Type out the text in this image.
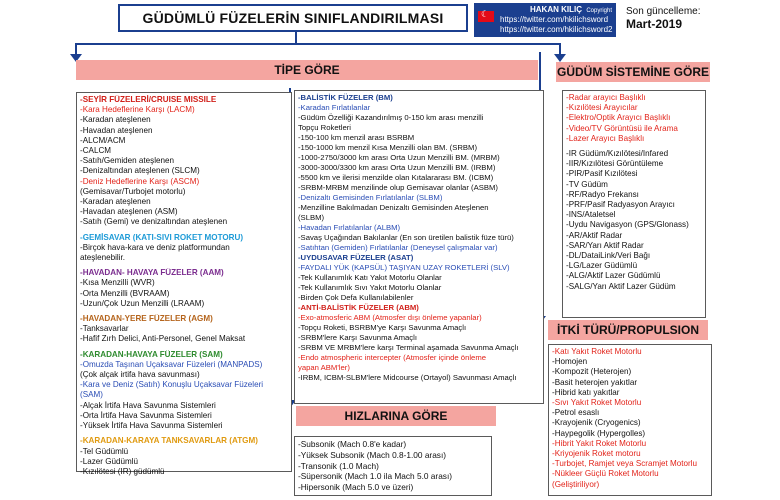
GÜDÜMLÜ FÜZELERİN SINIFLANDIRILMASI
☾
HAKAN KILIÇ Copyright
https://twitter.com/hkilichsword
https://twitter.com/hkilichsword2
Son güncelleme:
Mart-2019
TİPE GÖRE	GÜDÜM SİSTEMİNE GÖRE
-SEYİR FÜZELERİ/CRUISE MISSILE
-Kara Hedeflerine Karşı (LACM)
-Karadan ateşlenen
-Havadan ateşlenen
-ALCM/ACM
-CALCM
-Satıh/Gemiden ateşlenen
-Denizaltından ateşlenen (SLCM)
-Deniz Hedeflerine Karşı (ASCM)
(Gemisavar/Turbojet motorlu)
-Karadan ateşlenen
-Havadan ateşlenen (ASM)
-Satıh (Gemi) ve denizaltından ateşlenen
-GEMİSAVAR (KATI-SIVI ROKET MOTORU)
-Birçok hava-kara ve deniz platformundan
ateşlenebilir.
-HAVADAN- HAVAYA FÜZELER (AAM)
-Kısa Menzilli (WVR)
-Orta Menzilli (BVRAAM)
-Uzun/Çok Uzun Menzilli (LRAAM)
-HAVADAN-YERE FÜZELER (AGM)
-Tanksavarlar
-Hafif Zırh Delici, Anti-Personel, Genel Maksat
-KARADAN-HAVAYA FÜZELER (SAM)
-Omuzda Taşınan Uçaksavar Füzeleri (MANPADS)
(Çok alçak irtifa hava savunması)
-Kara ve Deniz (Satıh) Konuşlu Uçaksavar Füzeleri
(SAM)
-Alçak İrtifa Hava Savunma Sistemleri
-Orta İrtifa Hava Savunma Sistemleri
-Yüksek İrtifa Hava Savunma Sistemleri
-KARADAN-KARAYA TANKSAVARLAR (ATGM)
-Tel Güdümlü
-Lazer Güdümlü
-Kızılötesi (IR) güdümlü
-BALİSTİK FÜZELER (BM)
-Karadan Fırlatılanlar
-Güdüm Özelliği Kazandırılmış 0-150 km arası menzilli
Topçu Roketleri
-150-100 km menzil arası BSRBM
-150-1000 km menzil Kısa Menzilli olan BM. (SRBM)
-1000-2750/3000 km arası Orta Uzun Menzilli BM. (MRBM)
-3000-3000/3300 km arası Orta Uzun Menzilli BM. (IRBM)
-5500 km ve ilerisi menzilde olan Kıtalararası BM. (ICBM)
-SRBM-MRBM menzilinde olup Gemisavar olanlar (ASBM)
-Denizaltı Gemisinden Fırlatılanlar (SLBM)
-Menzilline Bakılmadan Denizaltı Gemisinden Ateşlenen
(SLBM)
-Havadan Fırlatılanlar (ALBM)
-Savaş Uçağından Bakılanlar (En son üretilen balistik füze türü)
-Satıhtan (Gemiden) Fırlatılanlar (Deneysel çalışmalar var)
-UYDUSAVAR FÜZELER (ASAT)
-FAYDALI YÜK (KAPSÜL) TAŞIYAN UZAY ROKETLERİ (SLV)
-Tek Kullanımlık Katı Yakıt Motorlu Olanlar
-Tek Kullanımlık Sıvı Yakıt Motorlu Olanlar
-Birden Çok Defa Kullanılabilenler
-ANTİ-BALİSTİK FÜZELER (ABM)
-Exo-atmosferic ABM (Atmosfer dışı önleme yapanlar)
-Topçu Roketi, BSRBM'ye Karşı Savunma Amaçlı
-SRBM'lere Karşı Savunma Amaçlı
-SRBM VE MRBM'lere karşı Terminal aşamada Savunma Amaçlı
-Endo atmospheric intercepter (Atmosfer içinde önleme
yapan ABM'ler)
-IRBM, ICBM-SLBM'lere Midcourse (Ortayol) Savunması Amaçlı
-Radar arayıcı Başlıklı
-Kızılötesi Arayıcılar
-Elektro/Optik Arayıcı Başlıklı
-Video/TV Görüntüsü ile Arama
-Lazer Arayıcı Başlıklı
-IR Güdüm/Kızılötesi/Infared
-IIR/Kızılötesi Görüntüleme
-PIR/Pasif Kızılötesi
-TV Güdüm
-RF/Radyo Frekansı
-PRF/Pasif Radyasyon Arayıcı
-INS/Ataletsel
-Uydu Navigasyon (GPS/Glonass)
-AR/Aktif Radar
-SAR/Yarı Aktif Radar
-DL/DataiLink/Veri Bağı
-LG/Lazer Güdümlü
-ALG/Aktif Lazer Güdümlü
-SALG/Yarı Aktif Lazer Güdüm
İTKİ TÜRÜ/PROPULSION
-Katı Yakıt Roket Motorlu
-Homojen
-Kompozit (Heterojen)
-Basit heterojen yakıtlar
-Hibrid katı yakıtlar
-Sıvı Yakıt Roket Motorlu
-Petrol esaslı
-Krayojenik (Cryogenics)
-Haypegolik (Hypergolles)
-Hibrit Yakıt Roket Motorlu
-Kriyojenik Roket motoru
-Turbojet, Ramjet veya Scramjet Motorlu
-Nükleer Güçlü Roket Motorlu
(Geliştiriliyor)
HIZLARINA GÖRE
-Subsonik (Mach 0.8'e kadar)
-Yüksek Subsonik (Mach 0.8-1.00 arası)
-Transonik (1.0 Mach)
-Süpersonik (Mach 1.0 ila Mach 5.0 arası)
-Hipersonik (Mach 5.0 ve üzeri)
